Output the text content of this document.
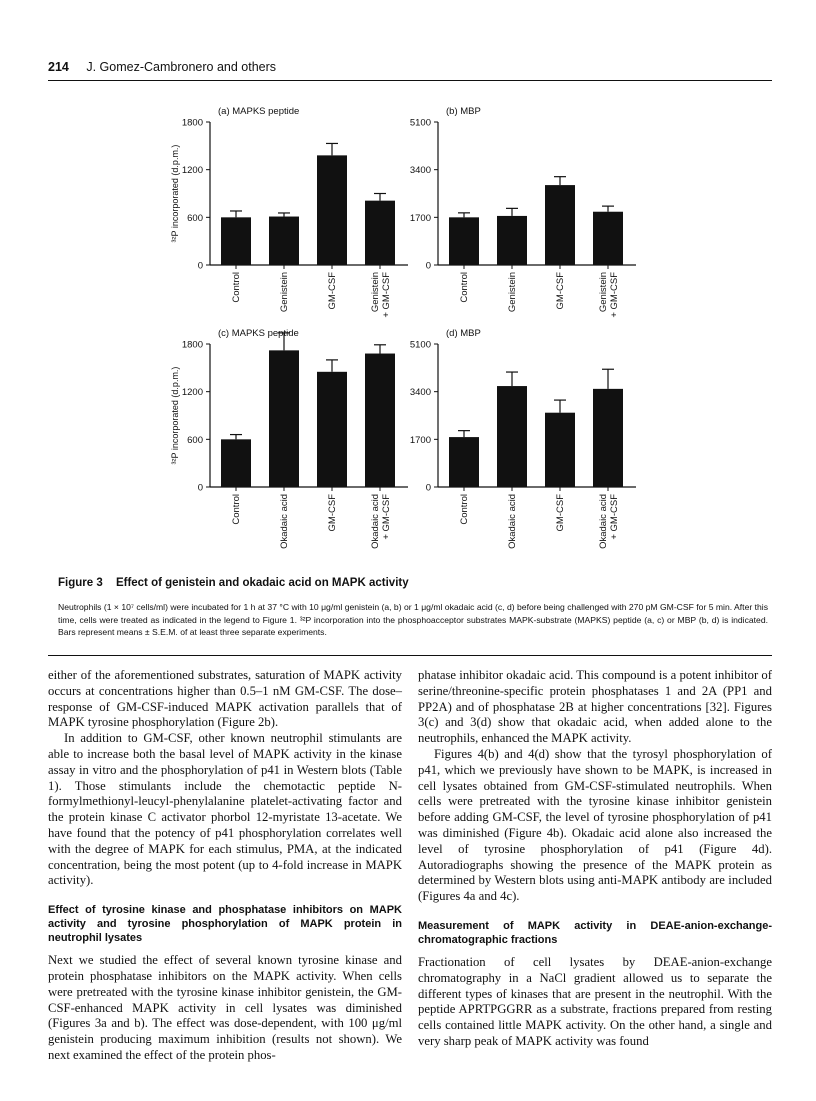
214 J. Gomez-Cambronero and others
(a) MAPKS peptide
0
600
1200
1800
³²P incorporated (d.p.m.)
Control	Genistein	GM-CSF	Genistein+ GM-CSF
(b) MBP
0
1700
3400
5100
Control	Genistein	GM-CSF	Genistein+ GM-CSF
(c) MAPKS peptide
0
600
1200
1800
³²P incorporated (d.p.m.)
Control	Okadaic acid	GM-CSF	Okadaic acid+ GM-CSF
(d) MBP
0
1700
3400
5100
Control	Okadaic acid	GM-CSF	Okadaic acid+ GM-CSF
Figure 3 Effect of genistein and okadaic acid on MAPK activity
Neutrophils (1 × 10⁷ cells/ml) were incubated for 1 h at 37 °C with 10 μg/ml genistein (a, b) or 1 μg/ml okadaic acid (c, d) before being challenged with 270 pM GM-CSF for 5 min. After this time, cells were treated as indicated in the legend to Figure 1. ³²P incorporation into the phosphoacceptor substrates MAPK-substrate (MAPKS) peptide (a, c) or MBP (b, d) is indicated. Bars represent means ± S.E.M. of at least three separate experiments.

either of the aforementioned substrates, saturation of MAPK activity occurs at concentrations higher than 0.5–1 nM GM-CSF. The dose–response of GM-CSF-induced MAPK activation parallels that of MAPK tyrosine phosphorylation (Figure 2b).

In addition to GM-CSF, other known neutrophil stimulants are able to increase both the basal level of MAPK activity in the kinase assay in vitro and the phosphorylation of p41 in Western blots (Table 1). Those stimulants include the chemotactic peptide N-formylmethionyl-leucyl-phenylalanine platelet-activating factor and the protein kinase C activator phorbol 12-myristate 13-acetate. We have found that the potency of p41 phosphorylation correlates well with the degree of MAPK for each stimulus, PMA, at the indicated concentration, being the most potent (up to 4-fold increase in MAPK activity).

Effect of tyrosine kinase and phosphatase inhibitors on MAPK activity and tyrosine phosphorylation of MAPK protein in neutrophil lysates

Next we studied the effect of several known tyrosine kinase and protein phosphatase inhibitors on the MAPK activity. When cells were pretreated with the tyrosine kinase inhibitor genistein, the GM-CSF-enhanced MAPK activity in cell lysates was diminished (Figures 3a and b). The effect was dose-dependent, with 100 μg/ml genistein producing maximum inhibition (results not shown). We next examined the effect of the protein phos-

phatase inhibitor okadaic acid. This compound is a potent inhibitor of serine/threonine-specific protein phosphatases 1 and 2A (PP1 and PP2A) and of phosphatase 2B at higher concentrations [32]. Figures 3(c) and 3(d) show that okadaic acid, when added alone to the neutrophils, enhanced the MAPK activity.

Figures 4(b) and 4(d) show that the tyrosyl phosphorylation of p41, which we previously have shown to be MAPK, is increased in cell lysates obtained from GM-CSF-stimulated neutrophils. When cells were pretreated with the tyrosine kinase inhibitor genistein before adding GM-CSF, the level of tyrosine phosphorylation of p41 was diminished (Figure 4b). Okadaic acid alone also increased the level of tyrosine phosphorylation of p41 (Figure 4d). Autoradiographs showing the presence of the MAPK protein as determined by Western blots using anti-MAPK antibody are included (Figures 4a and 4c).

Measurement of MAPK activity in DEAE-anion-exchange-chromatographic fractions

Fractionation of cell lysates by DEAE-anion-exchange chromatography in a NaCl gradient allowed us to separate the different types of kinases that are present in the neutrophil. With the peptide APRTPGGRR as a substrate, fractions prepared from resting cells contained little MAPK activity. On the other hand, a single and very sharp peak of MAPK activity was found
